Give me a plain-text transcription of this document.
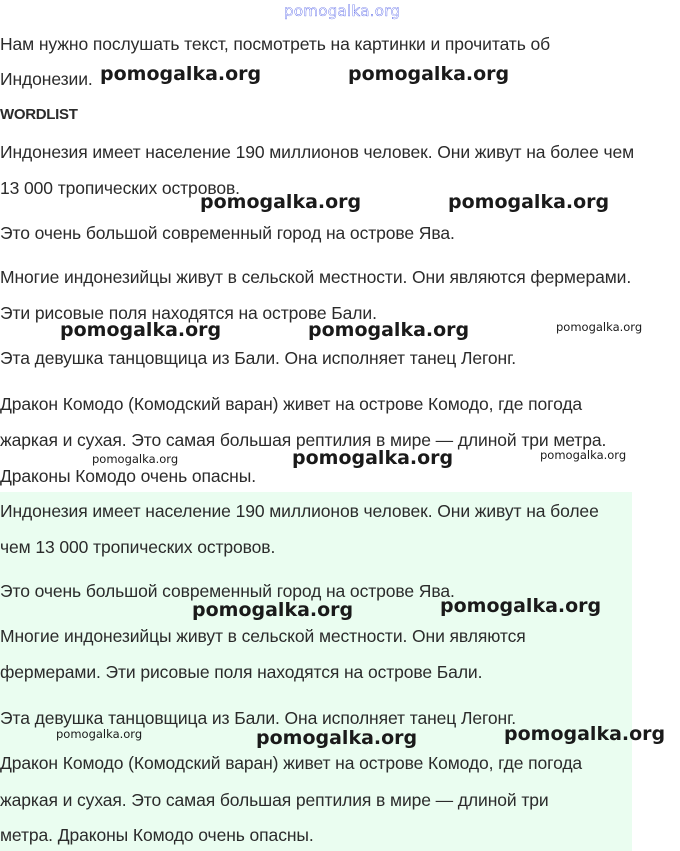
pomogalka.org
Нам нужно послушать текст, посмотреть на картинки и прочитать об
Индонезии.
WORDLIST
Индонезия имеет население 190 миллионов человек. Они живут на более чем
13 000 тропических островов.
Это очень большой современный город на острове Ява.
Многие индонезийцы живут в сельской местности. Они являются фермерами.
Эти рисовые поля находятся на острове Бали.
Эта девушка танцовщица из Бали. Она исполняет танец Легонг.
Дракон Комодо (Комодский варан) живет на острове Комодо, где погода
жаркая и сухая. Это самая большая рептилия в мире — длиной три метра.
Драконы Комодо очень опасны.
Индонезия имеет население 190 миллионов человек. Они живут на более
чем 13 000 тропических островов.
Это очень большой современный город на острове Ява.
Многие индонезийцы живут в сельской местности. Они являются
фермерами. Эти рисовые поля находятся на острове Бали.
Эта девушка танцовщица из Бали. Она исполняет танец Легонг.
Дракон Комодо (Комодский варан) живет на острове Комодо, где погода
жаркая и сухая. Это самая большая рептилия в мире — длиной три
метра. Драконы Комодо очень опасны.
pomogalka.org	pomogalka.org
pomogalka.org	pomogalka.org
pomogalka.org	pomogalka.org	pomogalka.org
pomogalka.org	pomogalka.org	pomogalka.org
pomogalka.org	pomogalka.org
pomogalka.org	pomogalka.org	pomogalka.org
